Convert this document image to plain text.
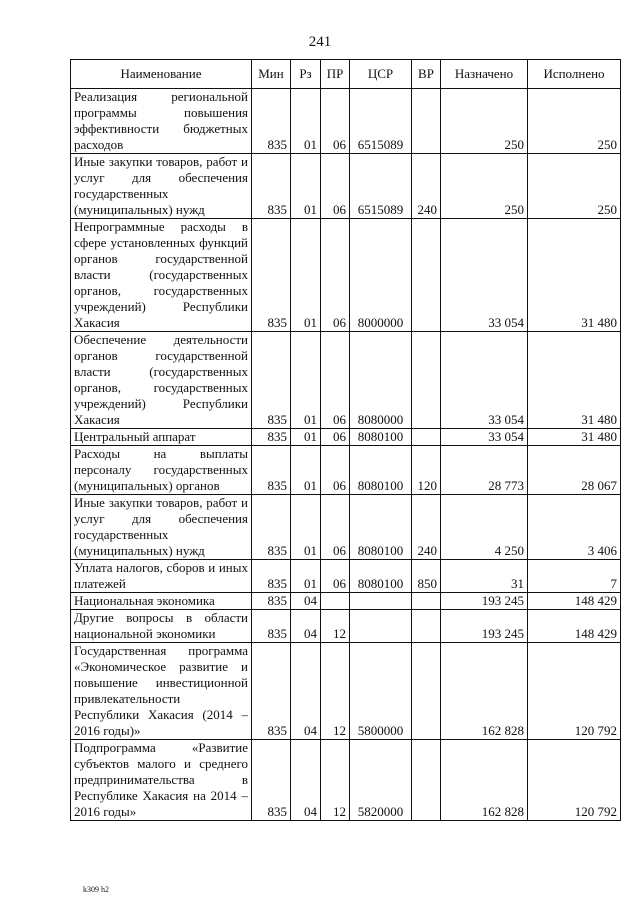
241
Наименование	Мин	Рз	ПР	ЦСР	ВР	Назначено	Исполнено
Реализация региональной программы повышения эффективности бюджетных расходов	835	01	06	6515089		250	250
Иные закупки товаров, работ и услуг для обеспечения государственных (муниципальных) нужд	835	01	06	6515089	240	250	250
Непрограммные расходы в сфере установленных функций органов государственной власти (государственных органов, государственных учреждений) Республики Хакасия	835	01	06	8000000		33 054	31 480
Обеспечение деятельности органов государственной власти (государственных органов, государственных учреждений) Республики Хакасия	835	01	06	8080000		33 054	31 480
Центральный аппарат	835	01	06	8080100		33 054	31 480
Расходы на выплаты персоналу государственных (муниципальных) органов	835	01	06	8080100	120	28 773	28 067
Иные закупки товаров, работ и услуг для обеспечения государственных (муниципальных) нужд	835	01	06	8080100	240	4 250	3 406
Уплата налогов, сборов и иных платежей	835	01	06	8080100	850	31	7
Национальная экономика	835	04				193 245	148 429
Другие вопросы в области национальной экономики	835	04	12			193 245	148 429
Государственная программа «Экономическое развитие и повышение инвестиционной привлекательности Республики Хакасия (2014 – 2016 годы)»	835	04	12	5800000		162 828	120 792
Подпрограмма «Развитие субъектов малого и среднего предпринимательства в Республике Хакасия на 2014 – 2016 годы»	835	04	12	5820000		162 828	120 792
k309 h2
